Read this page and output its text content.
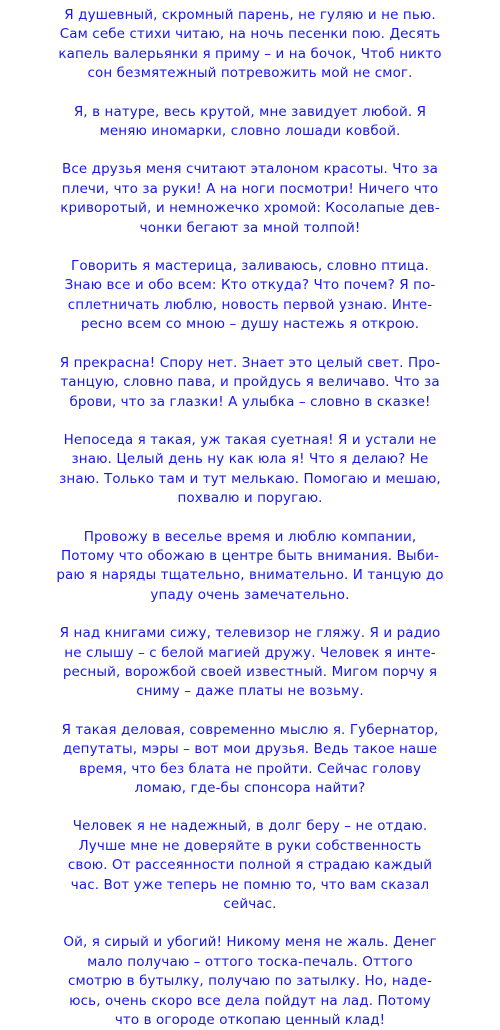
Я душевный, скромный парень, не гуляю и не пью.
Сам себе стихи читаю, на ночь песенки пою. Десять
капель валерьянки я приму – и на бочок, Чтоб никто
сон безмятежный потревожить мой не смог.
Я, в натуре, весь крутой, мне завидует любой. Я
меняю иномарки, словно лошади ковбой.
Все друзья меня считают эталоном красоты. Что за
плечи, что за руки! А на ноги посмотри! Ничего что
криворотый, и немножечко хромой: Косолапые дев-
чонки бегают за мной толпой!
Говорить я мастерица, заливаюсь, словно птица.
Знаю все и обо всем: Кто откуда? Что почем? Я по-
сплетничать люблю, новость первой узнаю. Инте-
ресно всем со мною – душу настежь я открою.
Я прекрасна! Спору нет. Знает это целый свет. Про-
танцую, словно пава, и пройдусь я величаво. Что за
брови, что за глазки! А улыбка – словно в сказке!
Непоседа я такая, уж такая суетная! Я и устали не
знаю. Целый день ну как юла я! Что я делаю? Не
знаю. Только там и тут мелькаю. Помогаю и мешаю,
похвалю и поругаю.
Провожу в веселье время и люблю компании,
Потому что обожаю в центре быть внимания. Выби-
раю я наряды тщательно, внимательно. И танцую до
упаду очень замечательно.
Я над книгами сижу, телевизор не гляжу. Я и радио
не слышу – с белой магией дружу. Человек я инте-
ресный, ворожбой своей известный. Мигом порчу я
сниму – даже платы не возьму.
Я такая деловая, современно мыслю я. Губернатор,
депутаты, мэры – вот мои друзья. Ведь такое наше
время, что без блата не пройти. Сейчас голову
ломаю, где-бы спонсора найти?
Человек я не надежный, в долг беру – не отдаю.
Лучше мне не доверяйте в руки собственность
свою. От рассеянности полной я страдаю каждый
час. Вот уже теперь не помню то, что вам сказал
сейчас.
Ой, я сирый и убогий! Никому меня не жаль. Денег
мало получаю – оттого тоска-печаль. Оттого
смотрю в бутылку, получаю по затылку. Но, наде-
юсь, очень скоро все дела пойдут на лад. Потому
что в огороде откопаю ценный клад!
